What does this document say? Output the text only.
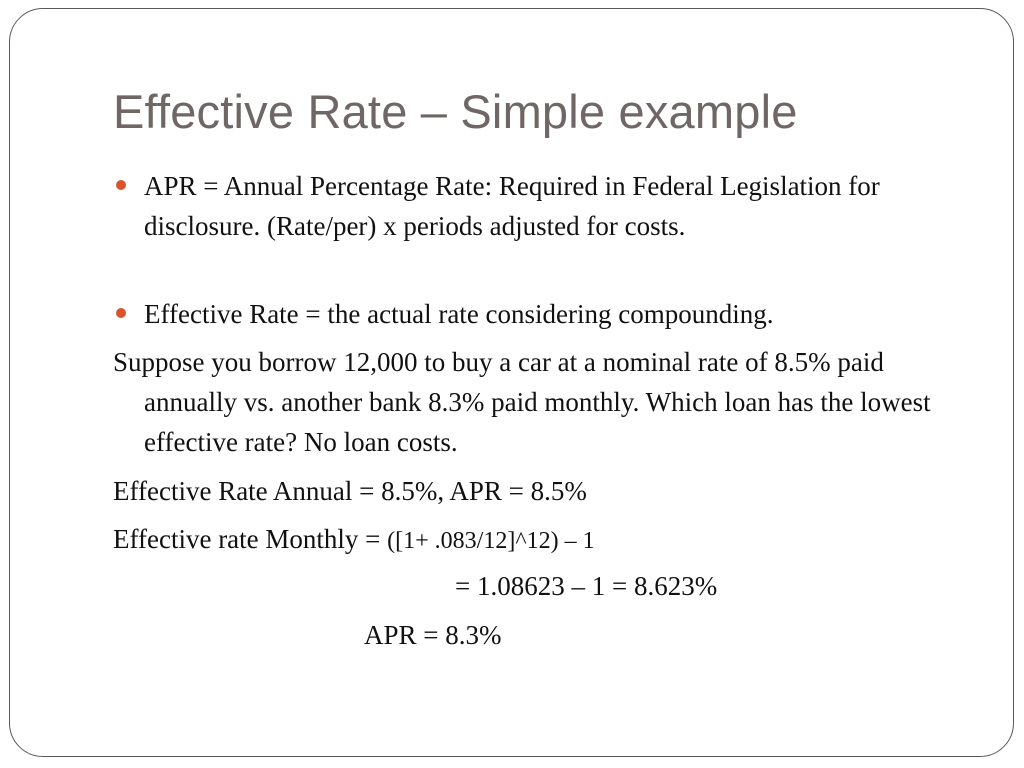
Effective Rate – Simple example
APR = Annual Percentage Rate: Required in Federal Legislation for disclosure. (Rate/per) x periods adjusted for costs.
Effective Rate = the actual rate considering compounding.
Suppose you borrow 12,000 to buy a car at a nominal rate of 8.5% paid annually vs. another bank 8.3% paid monthly. Which loan has the lowest effective rate? No loan costs.
Effective Rate Annual = 8.5%, APR = 8.5%
Effective rate Monthly = ([1+ .083/12]^12) – 1
= 1.08623 – 1 = 8.623%
APR = 8.3%
